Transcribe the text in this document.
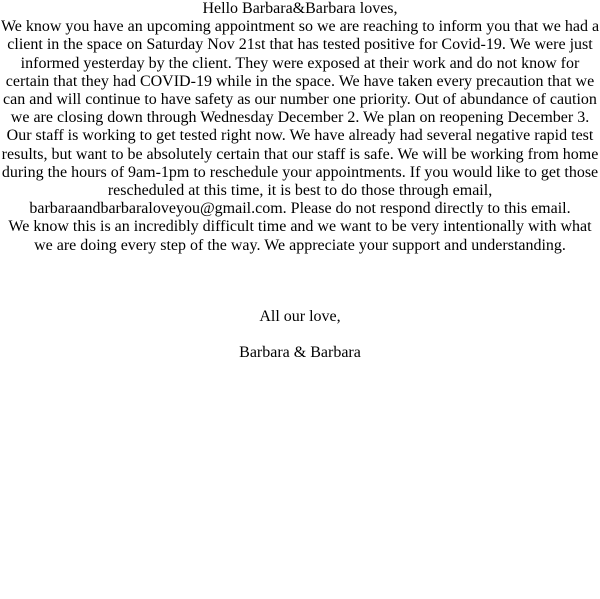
Hello Barbara&Barbara loves,
We know you have an upcoming appointment so we are reaching to inform you that we had a client in the space on Saturday Nov 21st that has tested positive for Covid-19. We were just informed yesterday by the client. They were exposed at their work and do not know for certain that they had COVID-19 while in the space. We have taken every precaution that we can and will continue to have safety as our number one priority. Out of abundance of caution we are closing down through Wednesday December 2. We plan on reopening December 3. Our staff is working to get tested right now. We have already had several negative rapid test results, but want to be absolutely certain that our staff is safe. We will be working from home during the hours of 9am-1pm to reschedule your appointments. If you would like to get those rescheduled at this time, it is best to do those through email, barbaraandbarbaraloveyou@gmail.com. Please do not respond directly to this email.
We know this is an incredibly difficult time and we want to be very intentionally with what we are doing every step of the way. We appreciate your support and understanding.
All our love,
Barbara & Barbara
